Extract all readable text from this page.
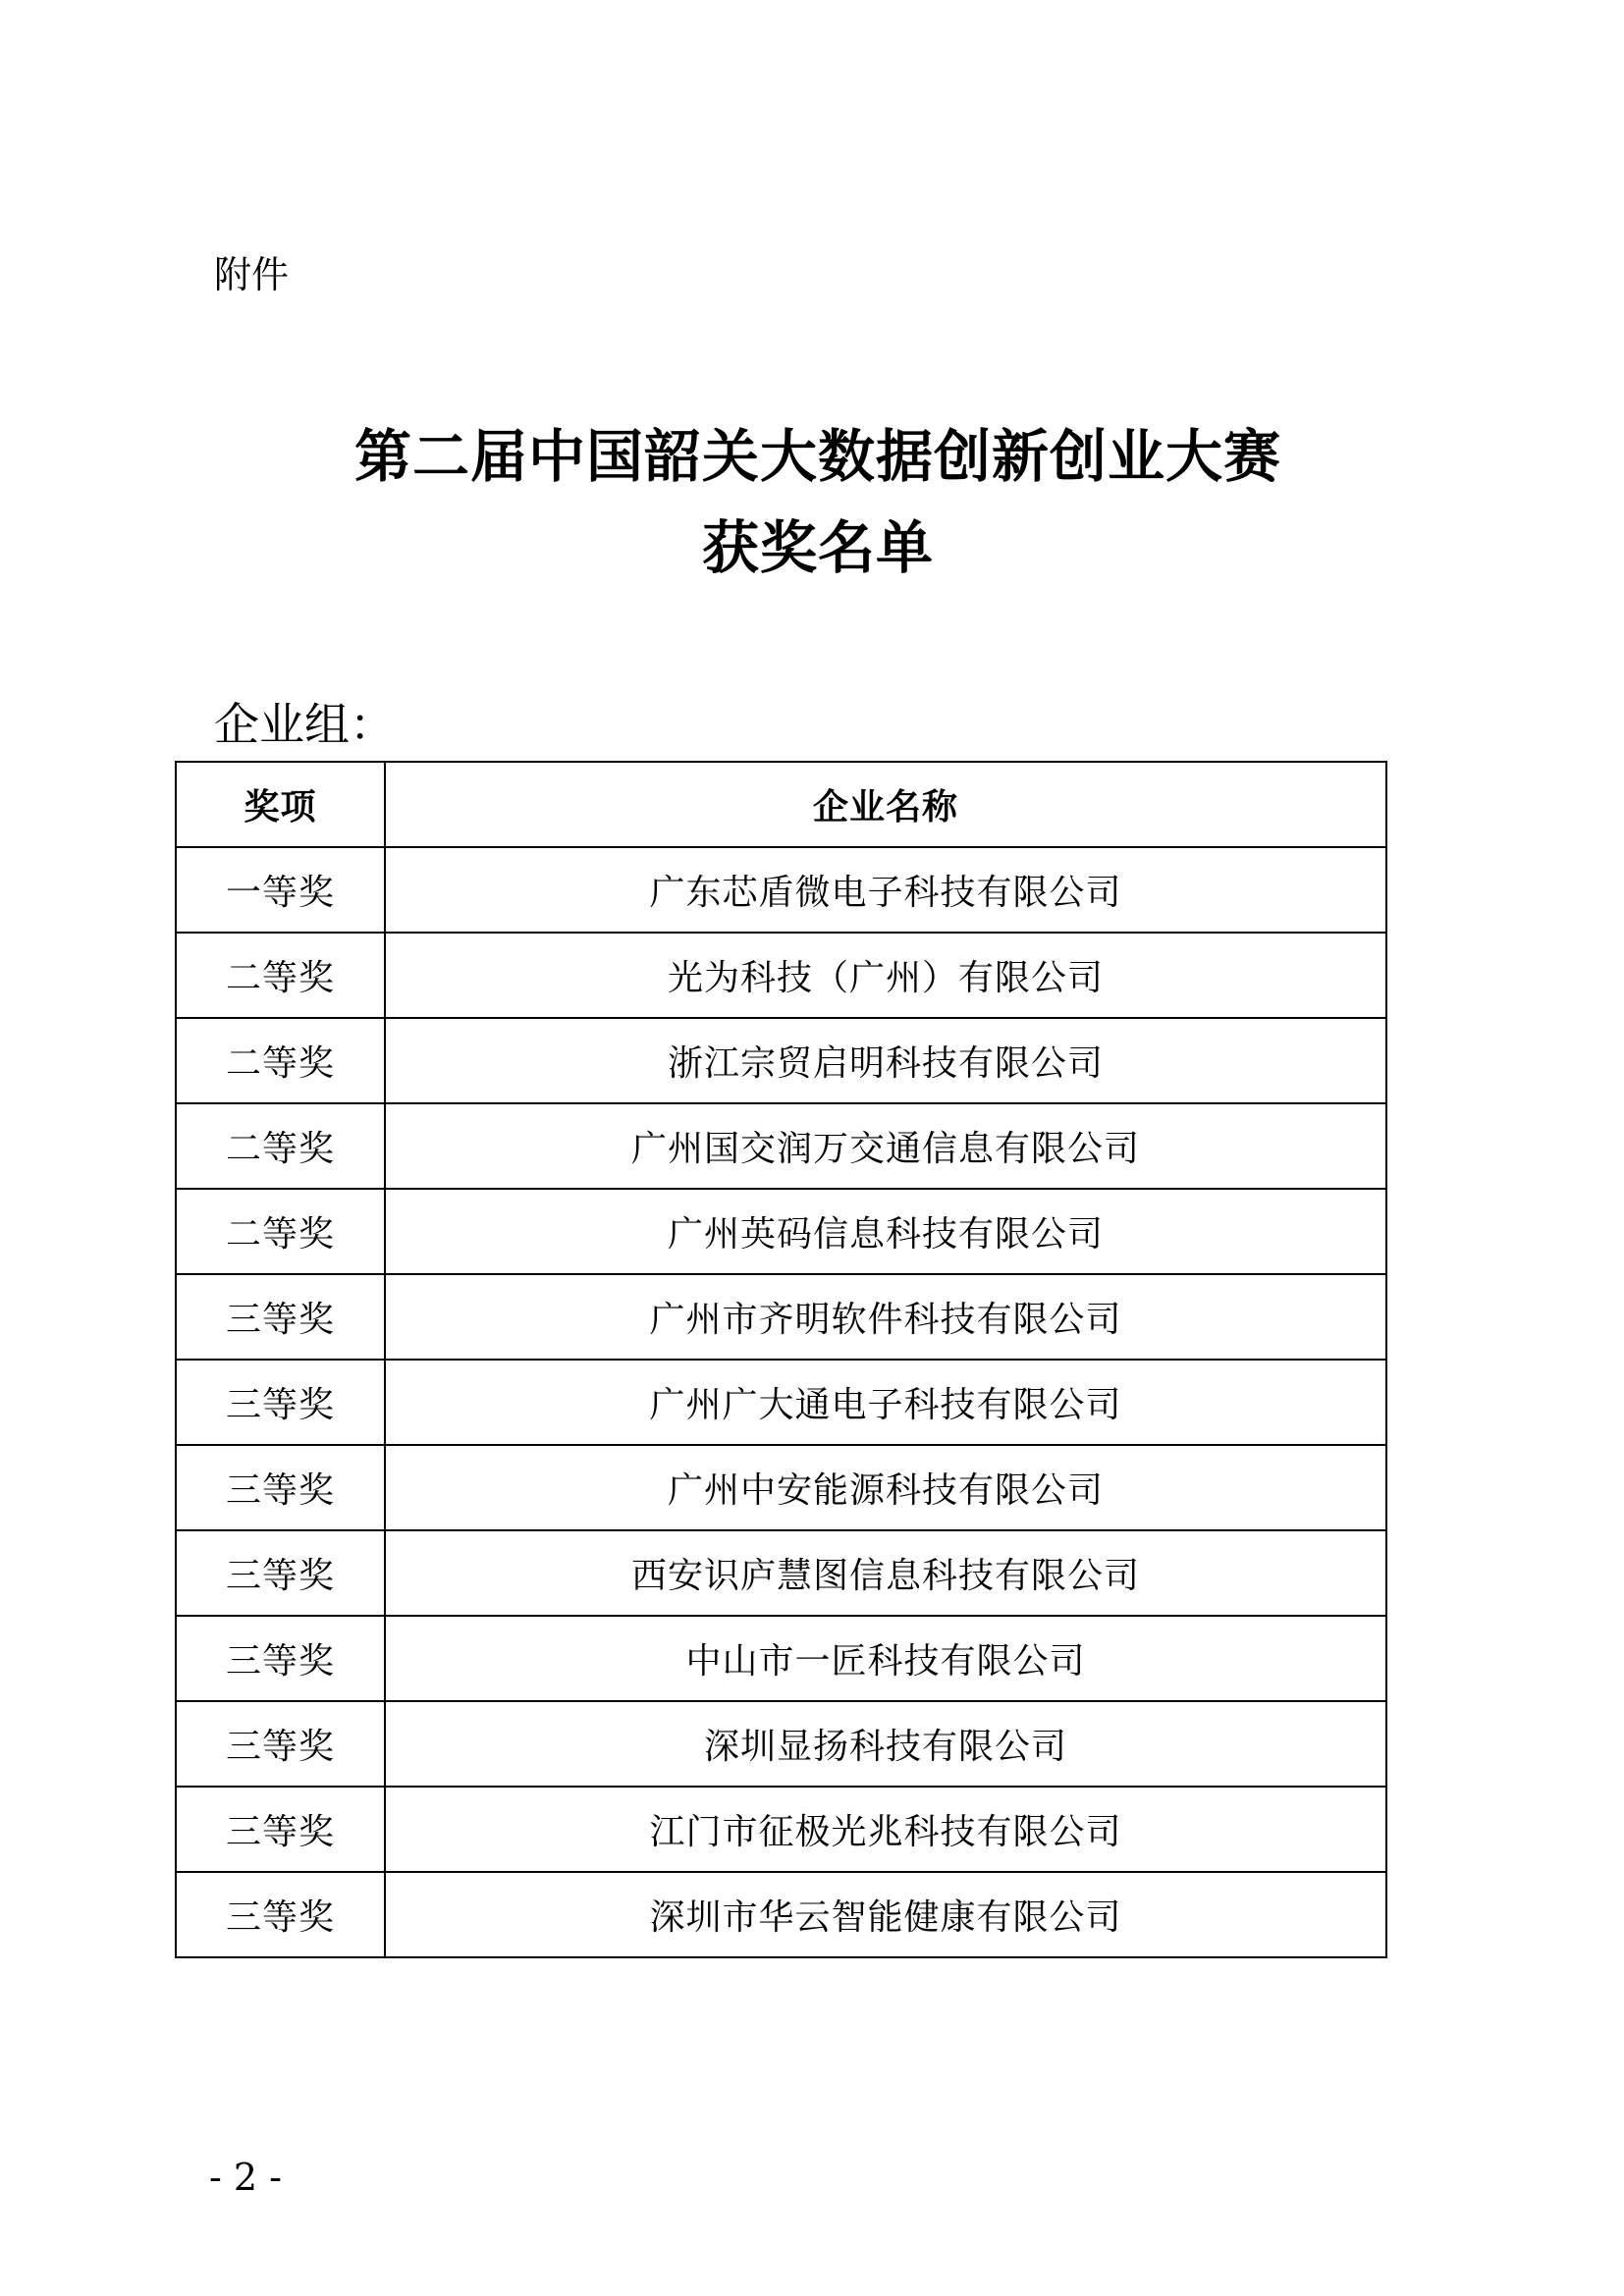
附件
第二届中国韶关大数据创新创业大赛
获奖名单
企业组：
奖项	企业名称
一等奖	广东芯盾微电子科技有限公司
二等奖	光为科技（广州）有限公司
二等奖	浙江宗贸启明科技有限公司
二等奖	广州国交润万交通信息有限公司
二等奖	广州英码信息科技有限公司
三等奖	广州市齐明软件科技有限公司
三等奖	广州广大通电子科技有限公司
三等奖	广州中安能源科技有限公司
三等奖	西安识庐慧图信息科技有限公司
三等奖	中山市一匠科技有限公司
三等奖	深圳显扬科技有限公司
三等奖	江门市征极光兆科技有限公司
三等奖	深圳市华云智能健康有限公司
- 2 -
